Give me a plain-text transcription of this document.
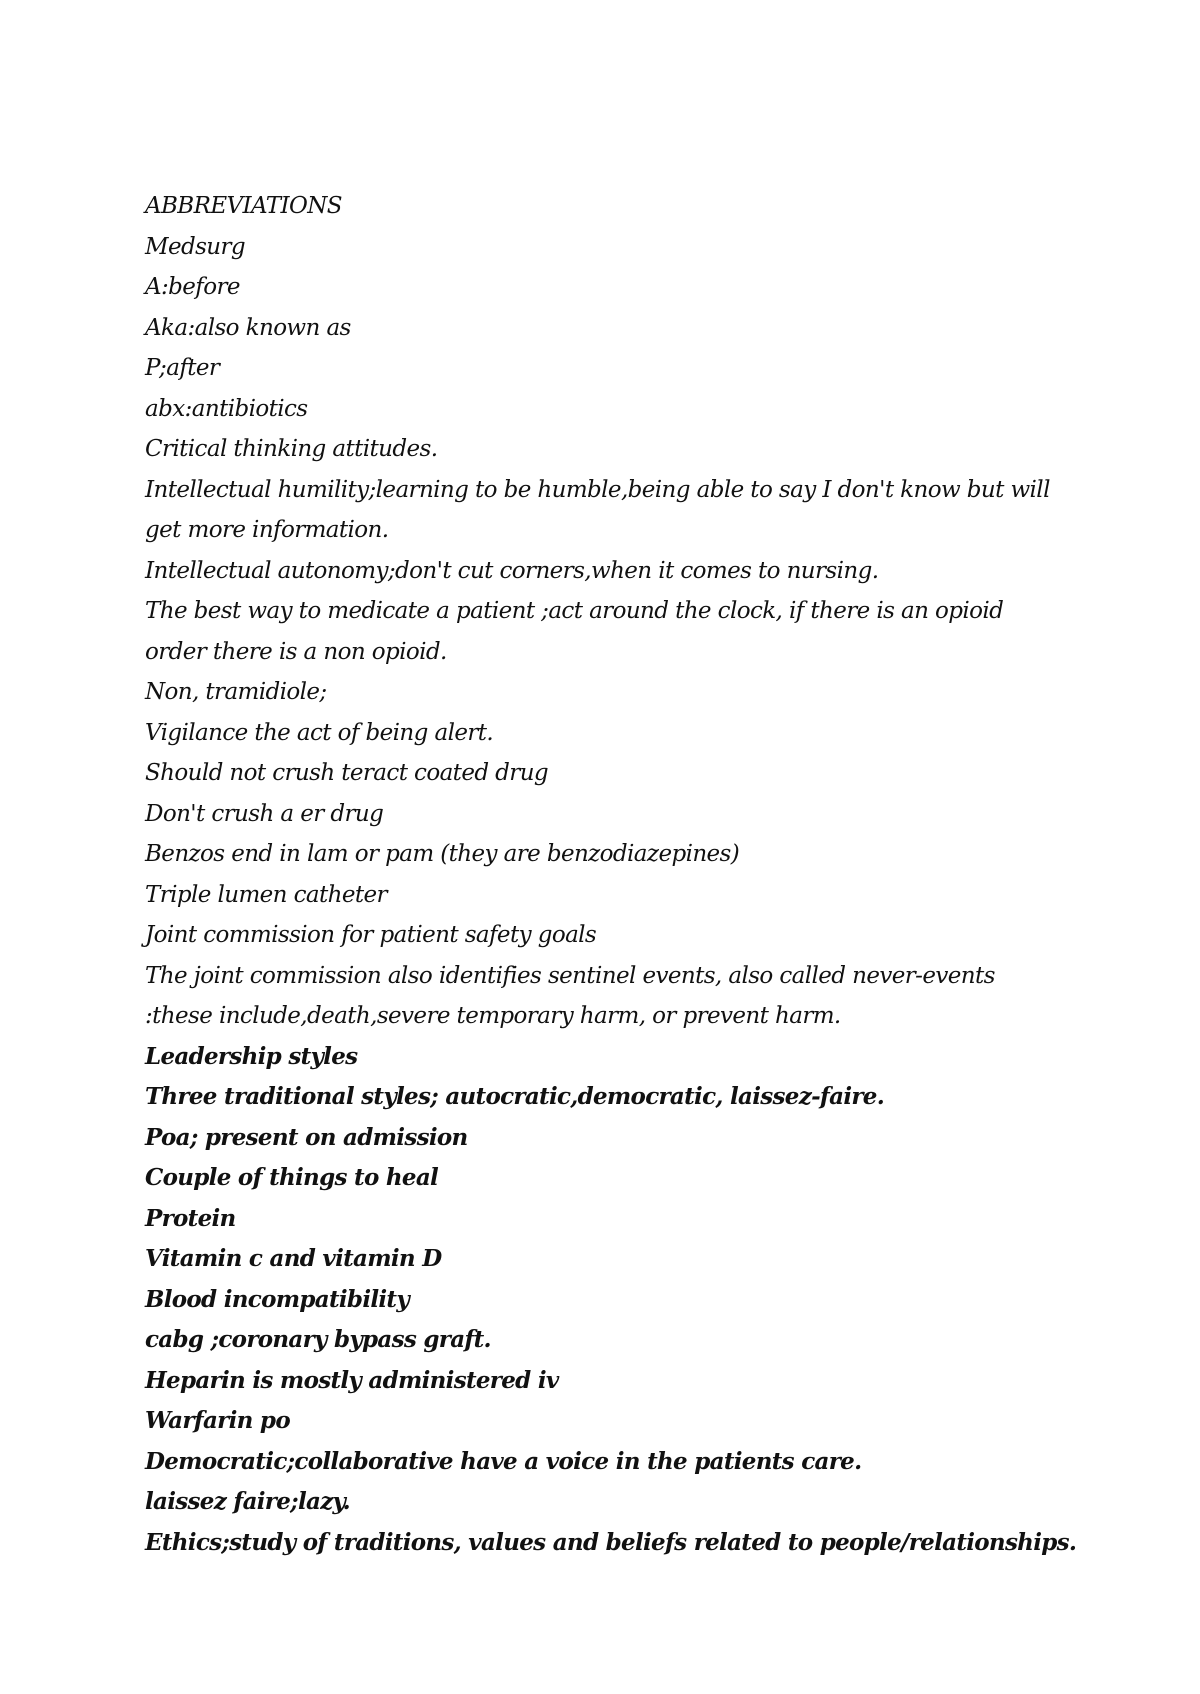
ABBREVIATIONS
Medsurg
A:before
Aka:also known as
P;after
abx:antibiotics
Critical thinking attitudes.
Intellectual humility;learning to be humble,being able to say I don't know but will
get more information.
Intellectual autonomy;don't cut corners,when it comes to nursing.
The best way to medicate a patient ;act around the clock, if there is an opioid
order there is a non opioid.
Non, tramidiole;
Vigilance the act of being alert.
Should not crush teract coated drug
Don't crush a er drug
Benzos end in lam or pam (they are benzodiazepines)
Triple lumen catheter
Joint commission for patient safety goals
The joint commission also identifies sentinel events, also called never-events
:these include,death,severe temporary harm, or prevent harm.
Leadership styles
Three traditional styles; autocratic,democratic, laissez-faire.
Poa; present on admission
Couple of things to heal
Protein
Vitamin c and vitamin D
Blood incompatibility
cabg ;coronary bypass graft.
Heparin is mostly administered iv
Warfarin po
Democratic;collaborative have a voice in the patients care.
laissez faire;lazy.
Ethics;study of traditions, values and beliefs related to people/relationships.
